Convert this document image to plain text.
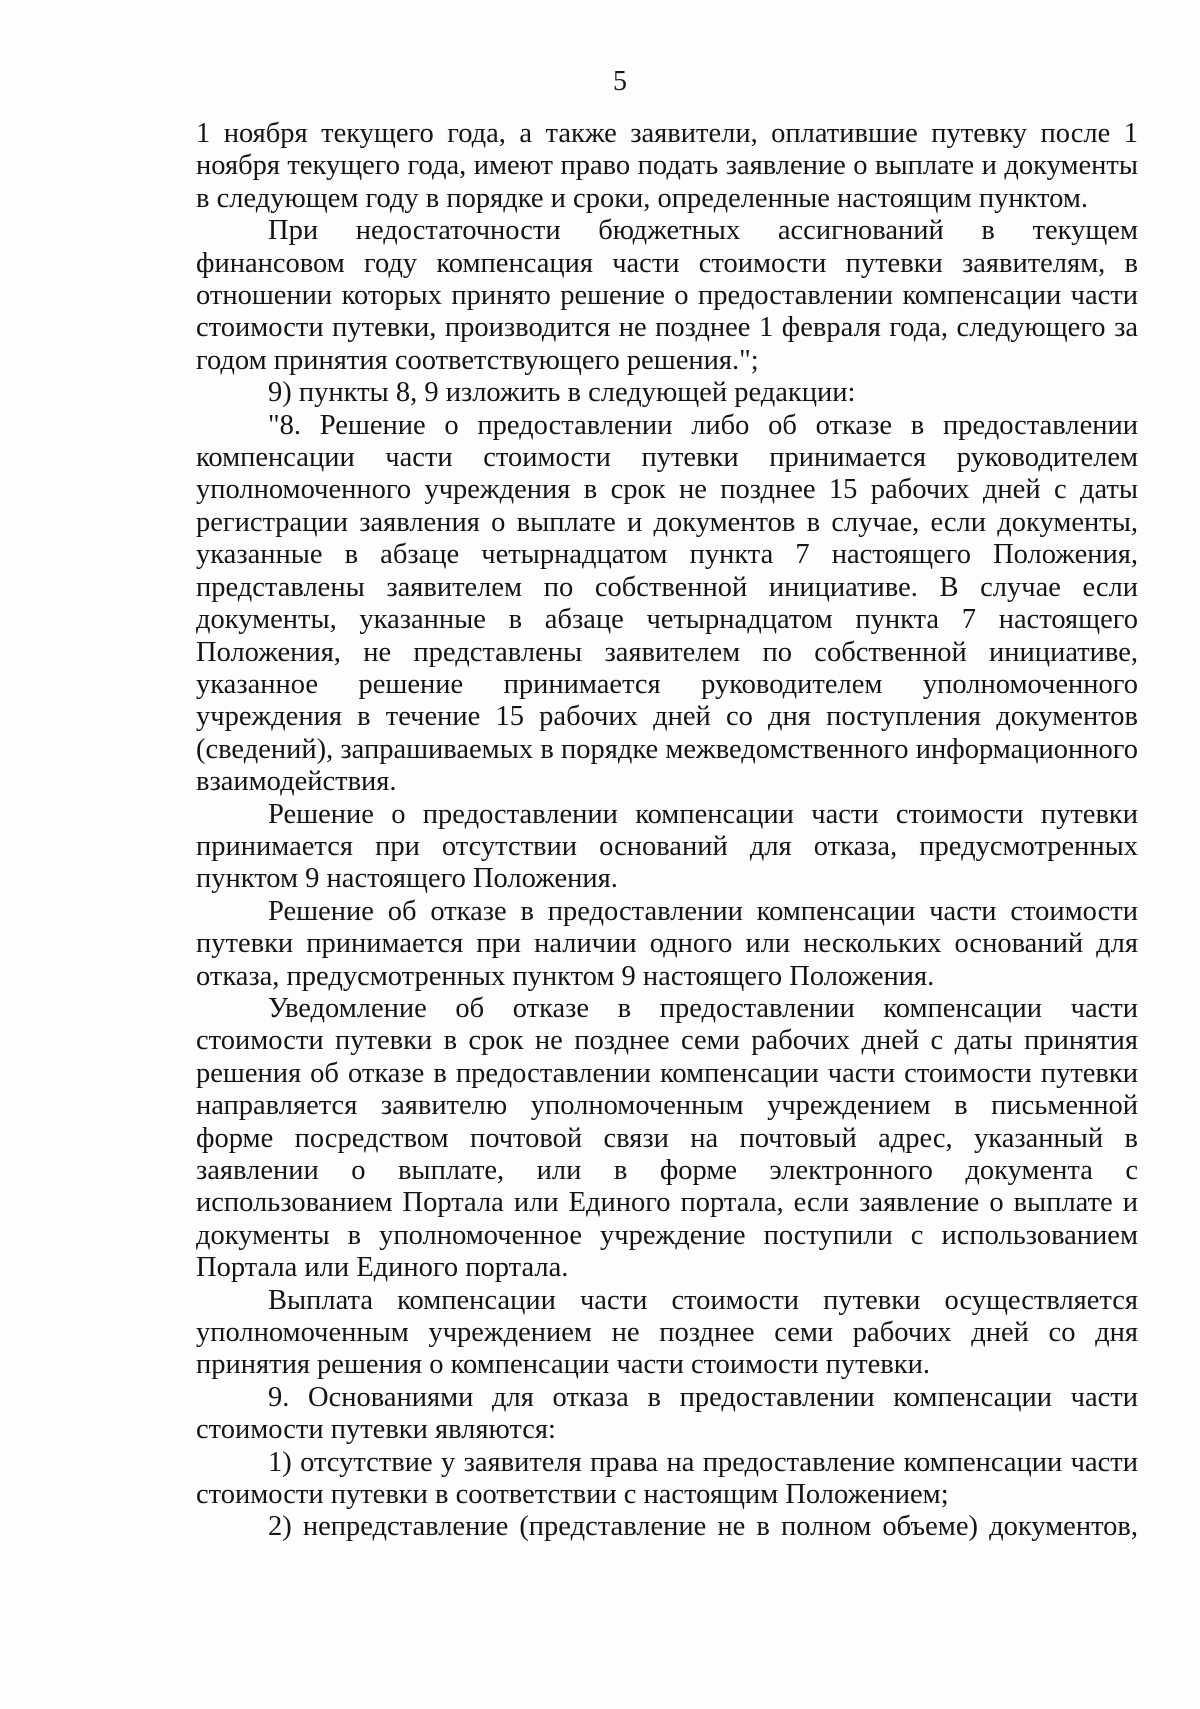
5

1 ноября текущего года, а также заявители, оплатившие путевку после 1 ноября текущего года, имеют право подать заявление о выплате и документы в следующем году в порядке и сроки, определенные настоящим пунктом.

При недостаточности бюджетных ассигнований в текущем финансовом году компенсация части стоимости путевки заявителям, в отношении которых принято решение о предоставлении компенсации части стоимости путевки, производится не позднее 1 февраля года, следующего за годом принятия соответствующего решения.";

9) пункты 8, 9 изложить в следующей редакции:

"8. Решение о предоставлении либо об отказе в предоставлении компенсации части стоимости путевки принимается руководителем уполномоченного учреждения в срок не позднее 15 рабочих дней с даты регистрации заявления о выплате и документов в случае, если документы, указанные в абзаце четырнадцатом пункта 7 настоящего Положения, представлены заявителем по собственной инициативе. В случае если документы, указанные в абзаце четырнадцатом пункта 7 настоящего Положения, не представлены заявителем по собственной инициативе, указанное решение принимается руководителем уполномоченного учреждения в течение 15 рабочих дней со дня поступления документов (сведений), запрашиваемых в порядке межведомственного информационного взаимодействия.

Решение о предоставлении компенсации части стоимости путевки принимается при отсутствии оснований для отказа, предусмотренных пунктом 9 настоящего Положения.

Решение об отказе в предоставлении компенсации части стоимости путевки принимается при наличии одного или нескольких оснований для отказа, предусмотренных пунктом 9 настоящего Положения.

Уведомление об отказе в предоставлении компенсации части стоимости путевки в срок не позднее семи рабочих дней с даты принятия решения об отказе в предоставлении компенсации части стоимости путевки направляется заявителю уполномоченным учреждением в письменной форме посредством почтовой связи на почтовый адрес, указанный в заявлении о выплате, или в форме электронного документа с использованием Портала или Единого портала, если заявление о выплате и документы в уполномоченное учреждение поступили с использованием Портала или Единого портала.

Выплата компенсации части стоимости путевки осуществляется уполномоченным учреждением не позднее семи рабочих дней со дня принятия решения о компенсации части стоимости путевки.

9. Основаниями для отказа в предоставлении компенсации части стоимости путевки являются:

1) отсутствие у заявителя права на предоставление компенсации части стоимости путевки в соответствии с настоящим Положением;

2) непредставление (представление не в полном объеме) документов,
